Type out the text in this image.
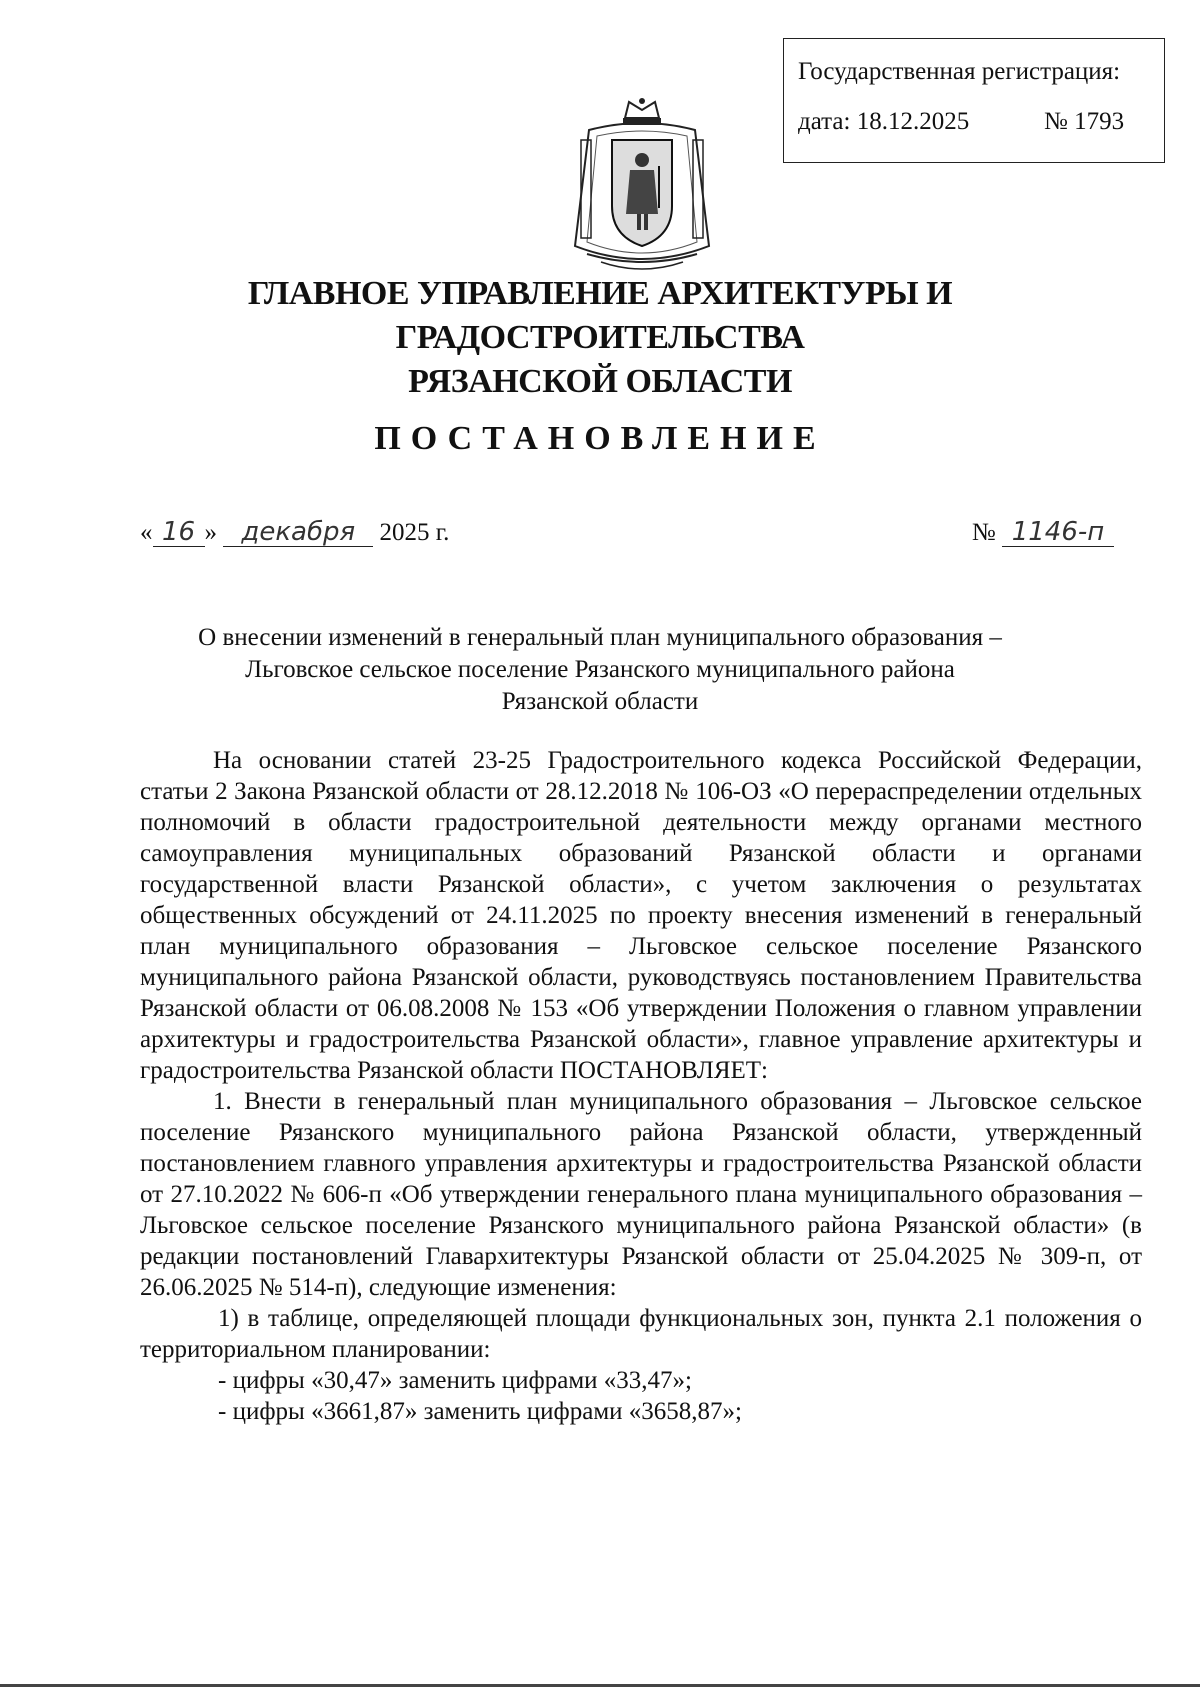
Государственная регистрация:
дата: 18.12.2025	№ 1793
ГЛАВНОЕ УПРАВЛЕНИЕ АРХИТЕКТУРЫ И ГРАДОСТРОИТЕЛЬСТВА
РЯЗАНСКОЙ ОБЛАСТИ
ПОСТАНОВЛЕНИЕ
« 16 » декабря 2025 г.	№ 1146-п
О внесении изменений в генеральный план муниципального образования –
Льговское сельское поселение Рязанского муниципального района
Рязанской области

На основании статей 23-25 Градостроительного кодекса Российской Федерации, статьи 2 Закона Рязанской области от 28.12.2018 № 106-ОЗ «О перераспределении отдельных полномочий в области градостроительной деятельности между органами местного самоуправления муниципальных образований Рязанской области и органами государственной власти Рязанской области», с учетом заключения о результатах общественных обсуждений от 24.11.2025 по проекту внесения изменений в генеральный план муниципального образования – Льговское сельское поселение Рязанского муниципального района Рязанской области, руководствуясь постановлением Правительства Рязанской области от 06.08.2008 № 153 «Об утверждении Положения о главном управлении архитектуры и градостроительства Рязанской области», главное управление архитектуры и градостроительства Рязанской области ПОСТАНОВЛЯЕТ:

1. Внести в генеральный план муниципального образования – Льговское сельское поселение Рязанского муниципального района Рязанской области, утвержденный постановлением главного управления архитектуры и градостроительства Рязанской области от 27.10.2022 № 606-п «Об утверждении генерального плана муниципального образования – Льговское сельское поселение Рязанского муниципального района Рязанской области» (в редакции постановлений Главархитектуры Рязанской области от 25.04.2025 № 309-п, от 26.06.2025 № 514-п), следующие изменения:

1) в таблице, определяющей площади функциональных зон, пункта 2.1 положения о территориальном планировании:

- цифры «30,47» заменить цифрами «33,47»;

- цифры «3661,87» заменить цифрами «3658,87»;
